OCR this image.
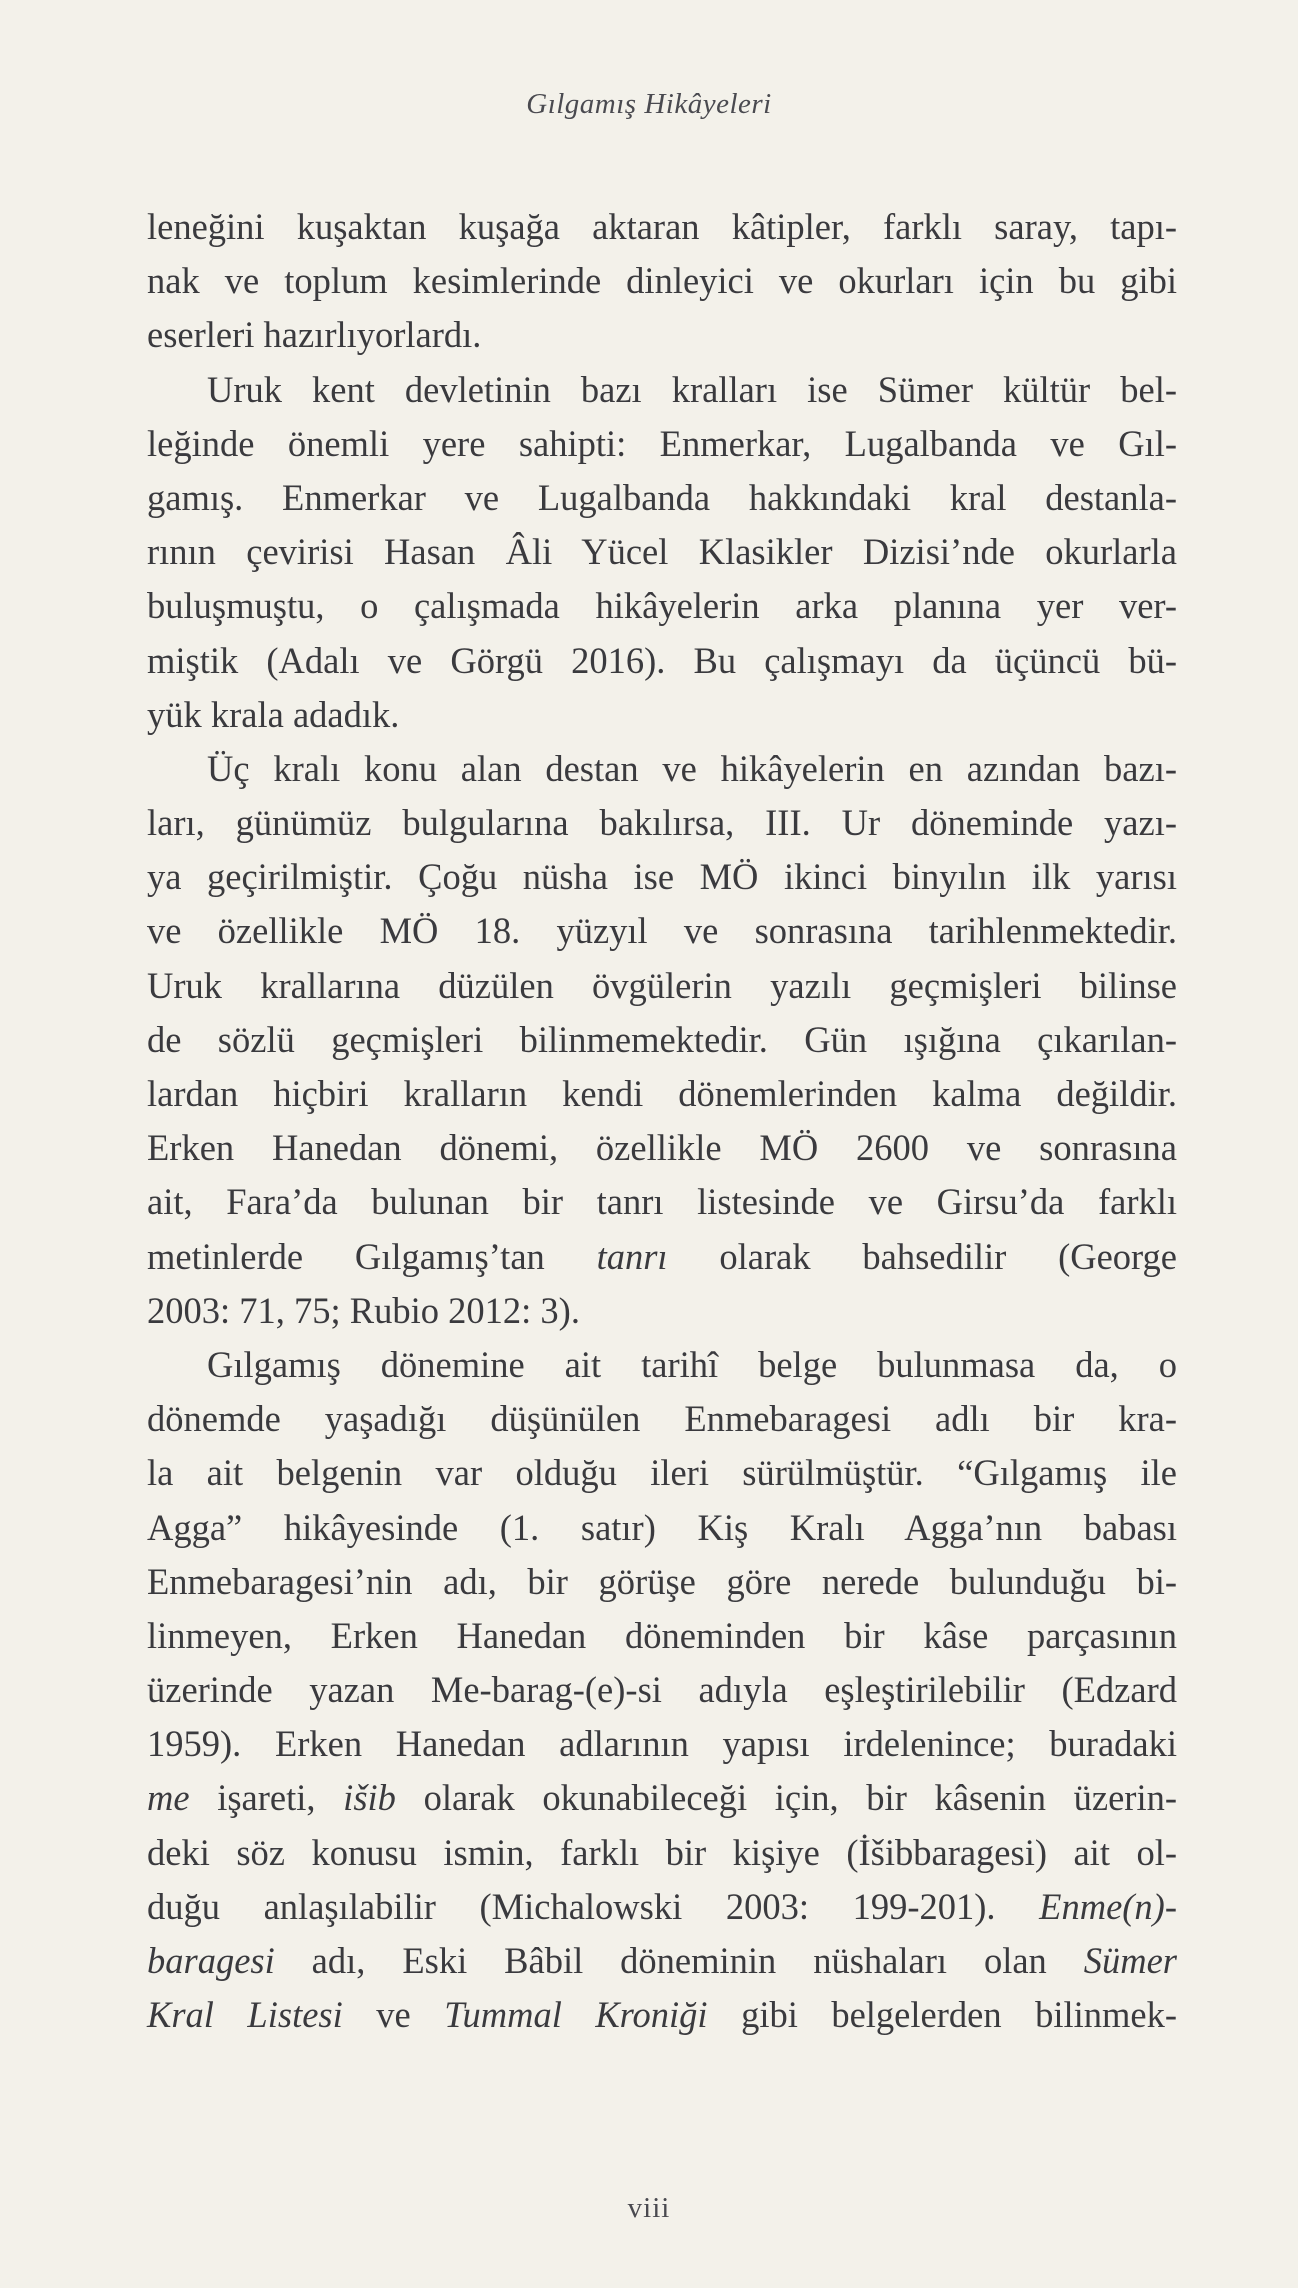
Gılgamış Hikâyeleri
leneğini kuşaktan kuşağa aktaran kâtipler, farklı saray, tapı-
nak ve toplum kesimlerinde dinleyici ve okurları için bu gibi
eserleri hazırlıyorlardı.
Uruk kent devletinin bazı kralları ise Sümer kültür bel-
leğinde önemli yere sahipti: Enmerkar, Lugalbanda ve Gıl-
gamış. Enmerkar ve Lugalbanda hakkındaki kral destanla-
rının çevirisi Hasan Âli Yücel Klasikler Dizisi’nde okurlarla
buluşmuştu, o çalışmada hikâyelerin arka planına yer ver-
miştik (Adalı ve Görgü 2016). Bu çalışmayı da üçüncü bü-
yük krala adadık.
Üç kralı konu alan destan ve hikâyelerin en azından bazı-
ları, günümüz bulgularına bakılırsa, III. Ur döneminde yazı-
ya geçirilmiştir. Çoğu nüsha ise MÖ ikinci binyılın ilk yarısı
ve özellikle MÖ 18. yüzyıl ve sonrasına tarihlenmektedir.
Uruk krallarına düzülen övgülerin yazılı geçmişleri bilinse
de sözlü geçmişleri bilinmemektedir. Gün ışığına çıkarılan-
lardan hiçbiri kralların kendi dönemlerinden kalma değildir.
Erken Hanedan dönemi, özellikle MÖ 2600 ve sonrasına
ait, Fara’da bulunan bir tanrı listesinde ve Girsu’da farklı
metinlerde Gılgamış’tan tanrı olarak bahsedilir (George
2003: 71, 75; Rubio 2012: 3).
Gılgamış dönemine ait tarihî belge bulunmasa da, o
dönemde yaşadığı düşünülen Enmebaragesi adlı bir kra-
la ait belgenin var olduğu ileri sürülmüştür. “Gılgamış ile
Agga” hikâyesinde (1. satır) Kiş Kralı Agga’nın babası
Enmebaragesi’nin adı, bir görüşe göre nerede bulunduğu bi-
linmeyen, Erken Hanedan döneminden bir kâse parçasının
üzerinde yazan Me-barag-(e)-si adıyla eşleştirilebilir (Edzard
1959). Erken Hanedan adlarının yapısı irdelenince; buradaki
me işareti, išib olarak okunabileceği için, bir kâsenin üzerin-
deki söz konusu ismin, farklı bir kişiye (İšibbaragesi) ait ol-
duğu anlaşılabilir (Michalowski 2003: 199-201). Enme(n)-
baragesi adı, Eski Bâbil döneminin nüshaları olan Sümer
Kral Listesi ve Tummal Kroniği gibi belgelerden bilinmek-
viii
